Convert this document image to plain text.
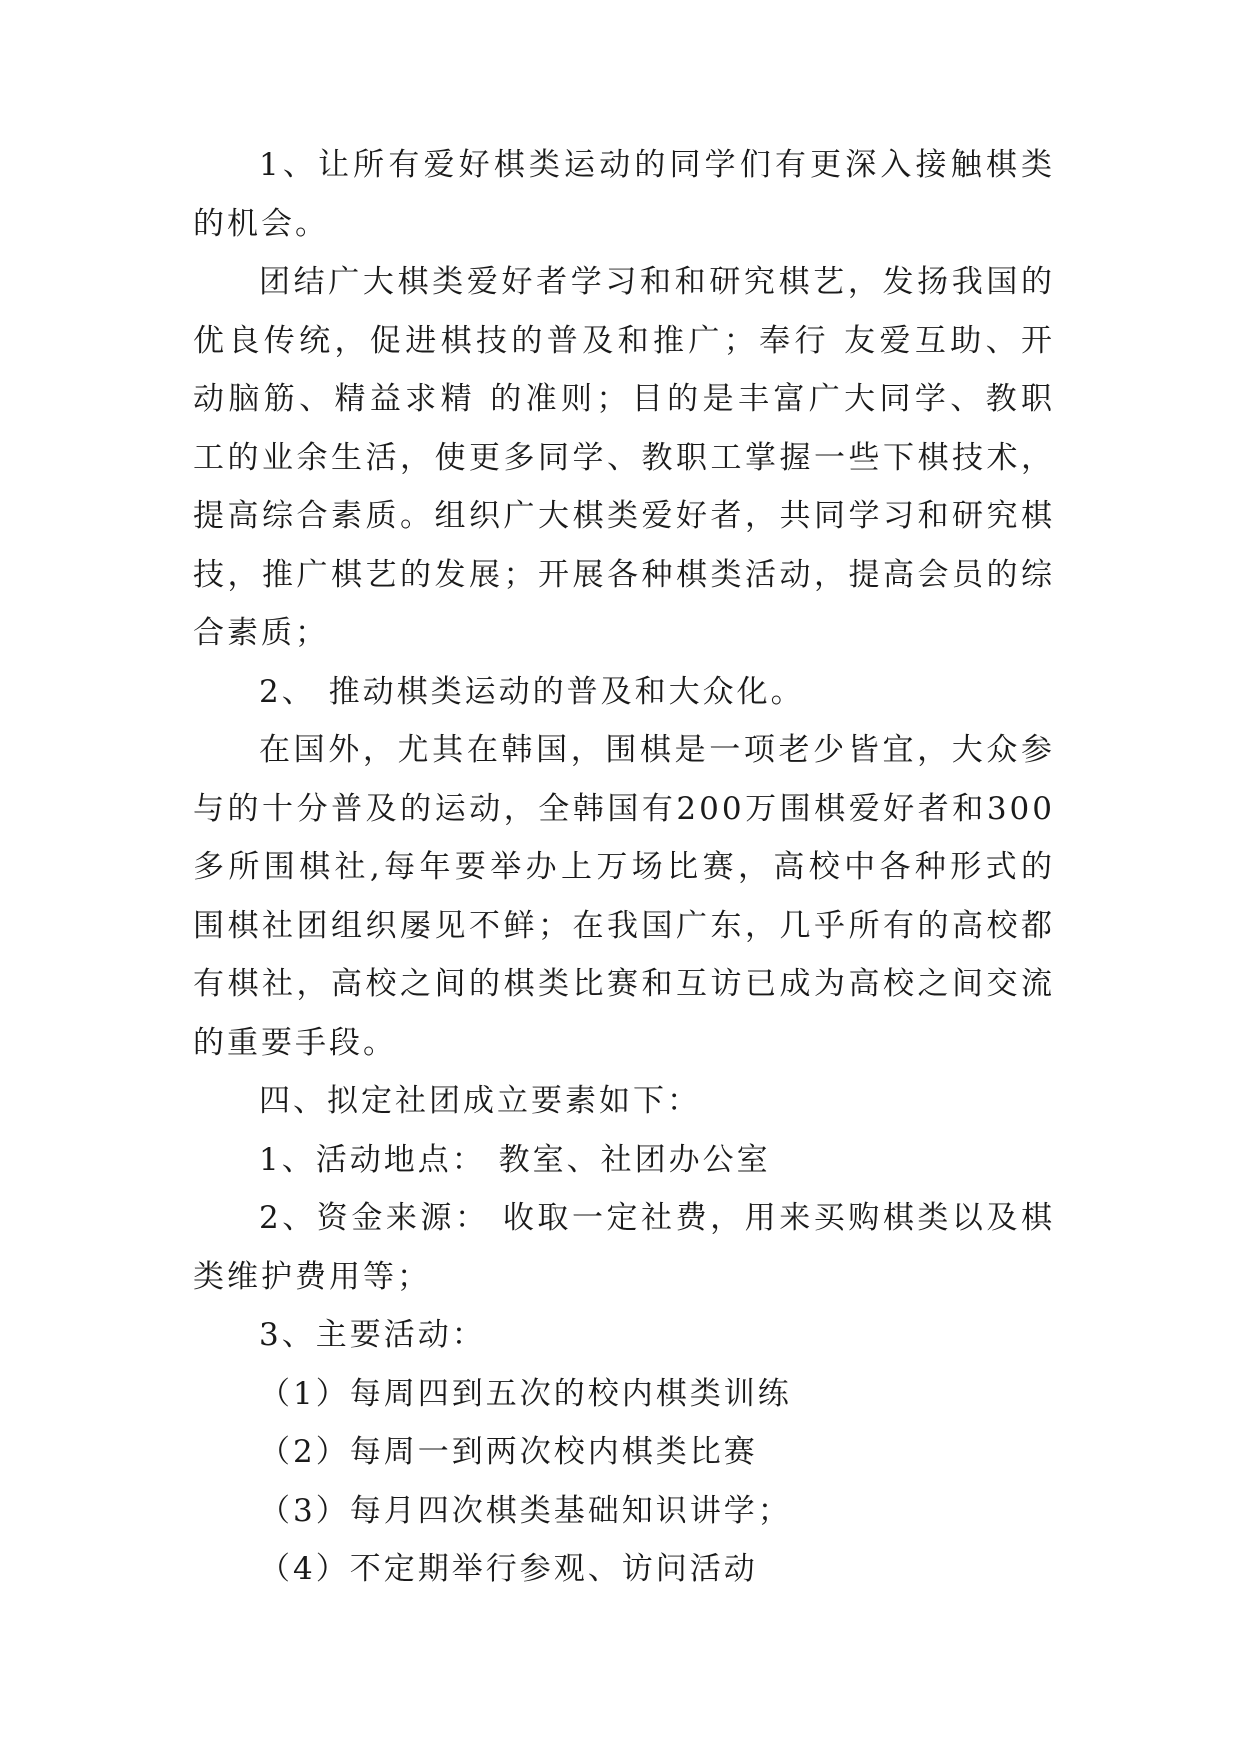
1、让所有爱好棋类运动的同学们有更深入接触棋类的机会。

团结广大棋类爱好者学习和和研究棋艺，发扬我国的优良传统，促进棋技的普及和推广；奉行 友爱互助、开动脑筋、精益求精 的准则；目的是丰富广大同学、教职工的业余生活，使更多同学、教职工掌握一些下棋技术，提高综合素质。组织广大棋类爱好者，共同学习和研究棋技，推广棋艺的发展；开展各种棋类活动，提高会员的综合素质；

2、 推动棋类运动的普及和大众化。

在国外，尤其在韩国，围棋是一项老少皆宜，大众参与的十分普及的运动，全韩国有200万围棋爱好者和300多所围棋社,每年要举办上万场比赛，高校中各种形式的围棋社团组织屡见不鲜；在我国广东，几乎所有的高校都有棋社，高校之间的棋类比赛和互访已成为高校之间交流的重要手段。

四、拟定社团成立要素如下：

1、活动地点： 教室、社团办公室

2、资金来源： 收取一定社费，用来买购棋类以及棋类维护费用等；

3、主要活动：

（1）每周四到五次的校内棋类训练

（2）每周一到两次校内棋类比赛

（3）每月四次棋类基础知识讲学；

（4）不定期举行参观、访问活动
